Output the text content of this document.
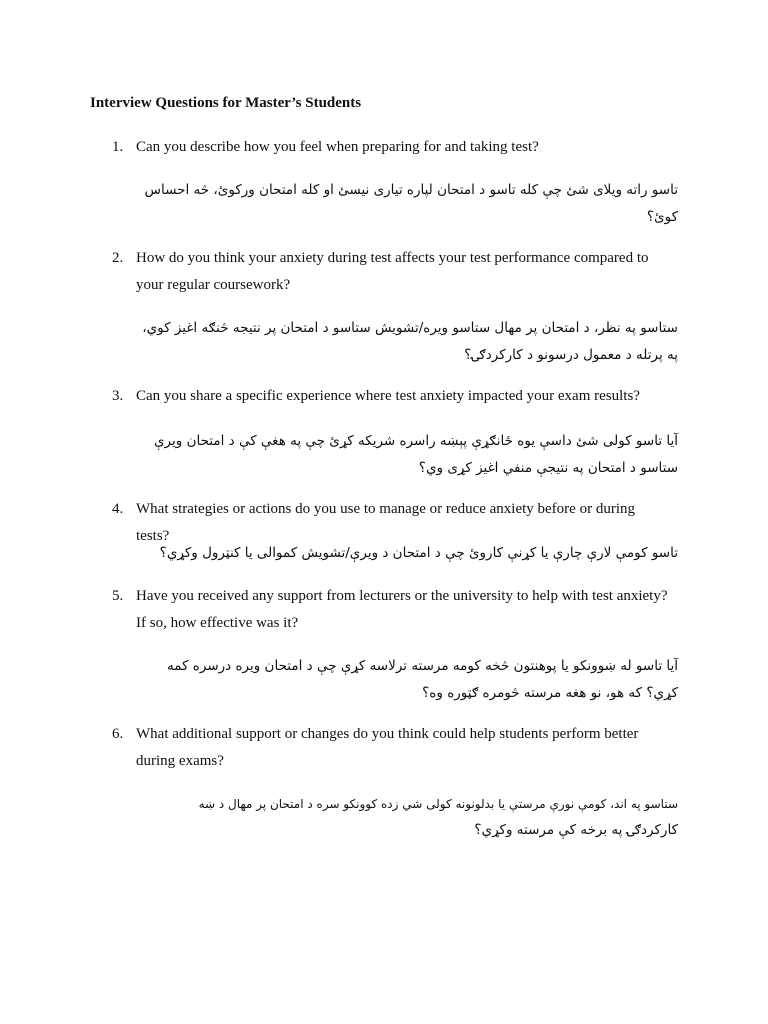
Interview Questions for Master’s Students
1. Can you describe how you feel when preparing for and taking test?
تاسو راته ویلای شئ چې کله تاسو د امتحان لپاره تیاری نیسئ او کله امتحان ورکوئ، څه احساس کوئ؟
2. How do you think your anxiety during test affects your test performance compared to your regular coursework?
ستاسو په نظر، د امتحان پر مهال ستاسو ویره/تشویش ستاسو د امتحان پر نتیجه څنګه اغیز کوي، په پرتله د معمول درسونو د کارکردګۍ؟
3. Can you share a specific experience where test anxiety impacted your exam results?
آیا تاسو کولی شئ داسې یوه ځانګړې پېښه راسره شریکه کړئ چې په هغې کې د امتحان ویرې ستاسو د امتحان په نتیجې منفي اغیز کړی وي؟
4. What strategies or actions do you use to manage or reduce anxiety before or during tests?
تاسو کومې لارې چارې یا کړنې کاروئ چې د امتحان د ویرې/تشویش کموالی یا کنټرول وکړي؟
5. Have you received any support from lecturers or the university to help with test anxiety? If so, how effective was it?
آیا تاسو له ښوونکو یا پوهنتون څخه کومه مرسته ترلاسه کړې چې د امتحان ویره درسره کمه کړي؟ که هو، نو هغه مرسته څومره ګټوره وه؟
6. What additional support or changes do you think could help students perform better during exams?
ستاسو په اند، کومې نورې مرستې یا بدلونونه کولی شي زده کوونکو سره د امتحان پر مهال د ښه
کارکردګۍ په برخه کې مرسته وکړي؟
